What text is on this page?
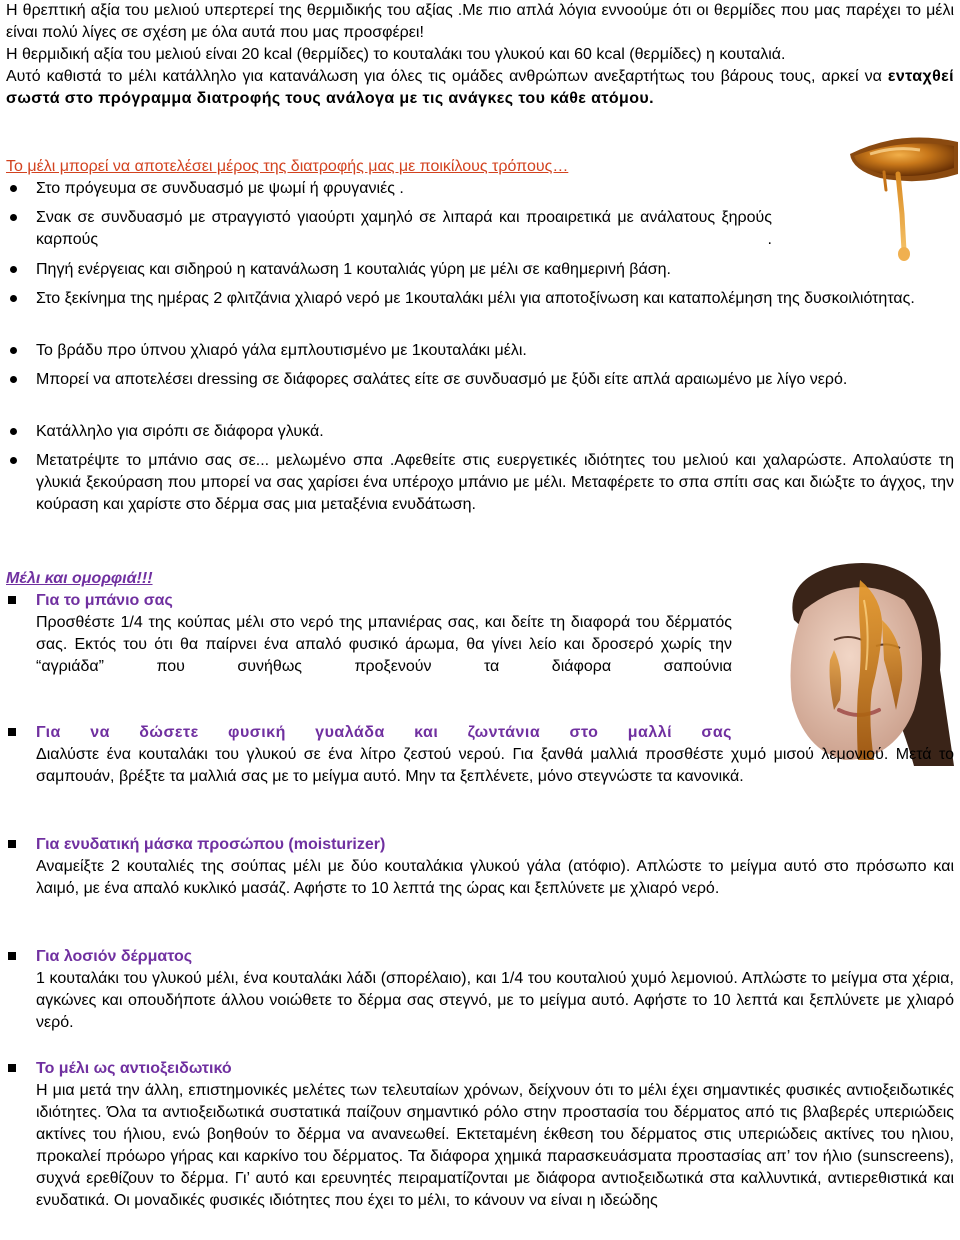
Η θρεπτική αξία του μελιού υπερτερεί της θερμιδικής του αξίας .Με πιο απλά λόγια εννοούμε ότι οι θερμίδες που μας παρέχει το μέλι είναι πολύ λίγες σε σχέση με όλα αυτά που μας προσφέρει!
Η θερμιδική αξία του μελιού είναι 20 kcal (θερμίδες) το κουταλάκι του γλυκού και 60 kcal (θερμίδες) η κουταλιά.
Αυτό καθιστά το μέλι κατάλληλο για κατανάλωση για όλες τις ομάδες ανθρώπων ανεξαρτήτως του βάρους τους, αρκεί να ενταχθεί σωστά στο πρόγραμμα διατροφής τους ανάλογα με τις ανάγκες του κάθε ατόμου.
Το μέλι μπορεί να αποτελέσει μέρος της διατροφής μας με ποικίλους τρόπους…
Στο πρόγευμα σε συνδυασμό με ψωμί ή φρυγανιές .
Σνακ σε συνδυασμό με στραγγιστό γιαούρτι χαμηλό σε λιπαρά και προαιρετικά με ανάλατους ξηρούς καρπούς .
Πηγή ενέργειας και σιδηρού η κατανάλωση 1 κουταλιάς γύρη με μέλι σε καθημερινή βάση.
Στο ξεκίνημα της ημέρας 2 φλιτζάνια χλιαρό νερό με 1κουταλάκι μέλι για αποτοξίνωση και καταπολέμηση της δυσκοιλιότητας.
Το βράδυ προ ύπνου χλιαρό γάλα εμπλουτισμένο με 1κουταλάκι μέλι.
Μπορεί να αποτελέσει dressing σε διάφορες σαλάτες είτε σε συνδυασμό με ξύδι είτε απλά αραιωμένο με λίγο νερό.
Κατάλληλο για σιρόπι σε διάφορα γλυκά.
Μετατρέψτε το μπάνιο σας σε... μελωμένο σπα .Αφεθείτε στις ευεργετικές ιδιότητες του μελιού και χαλαρώστε. Απολαύστε τη γλυκιά ξεκούραση που μπορεί να σας χαρίσει ένα υπέροχο μπάνιο με μέλι. Μεταφέρετε το σπα σπίτι σας και διώξτε το άγχος, την κούραση και χαρίστε στο δέρμα σας μια μεταξένια ενυδάτωση.
Μέλι και ομορφιά!!!
Για το μπάνιο σας
Προσθέστε 1/4 της κούπας μέλι στο νερό της μπανιέρας σας, και δείτε τη διαφορά του δέρματός σας. Εκτός του ότι θα παίρνει ένα απαλό φυσικό άρωμα, θα γίνει λείο και δροσερό χωρίς την “αγριάδα” που συνήθως προξενούν τα διάφορα σαπούνια
Για να δώσετε φυσική γυαλάδα και ζωντάνια στο μαλλί σας
Διαλύστε ένα κουταλάκι του γλυκού σε ένα λίτρο ζεστού νερού. Για ξανθά μαλλιά προσθέστε χυμό μισού λεμονιού. Μετά το σαμπουάν, βρέξτε τα μαλλιά σας με το μείγμα αυτό. Μην τα ξεπλένετε, μόνο στεγνώστε τα κανονικά.
Για ενυδατική μάσκα προσώπου (moisturizer)
Αναμείξτε 2 κουταλιές της σούπας μέλι με δύο κουταλάκια γλυκού γάλα (ατόφιο). Απλώστε το μείγμα αυτό στο πρόσωπο και λαιμό, με ένα απαλό κυκλικό μασάζ. Αφήστε το 10 λεπτά της ώρας και ξεπλύνετε με χλιαρό νερό.
Για λοσιόν δέρματος
1 κουταλάκι του γλυκού μέλι, ένα κουταλάκι λάδι (σπορέλαιο), και 1/4 του κουταλιού χυμό λεμονιού. Απλώστε το μείγμα στα χέρια, αγκώνες και οπουδήποτε άλλου νοιώθετε το δέρμα σας στεγνό, με το μείγμα αυτό. Αφήστε το 10 λεπτά και ξεπλύνετε με χλιαρό νερό.
Το μέλι ως αντιοξειδωτικό
Η μια μετά την άλλη, επιστημονικές μελέτες των τελευταίων χρόνων, δείχνουν ότι το μέλι έχει σημαντικές φυσικές αντιοξειδωτικές ιδιότητες. Όλα τα αντιοξειδωτικά συστατικά παίζουν σημαντικό ρόλο στην προστασία του δέρματος από τις βλαβερές υπεριώδεις ακτίνες του ήλιου, ενώ βοηθούν το δέρμα να ανανεωθεί. Εκτεταμένη έκθεση του δέρματος στις υπεριώδεις ακτίνες του ηλιου, προκαλεί πρόωρο γήρας και καρκίνο του δέρματος. Τα διάφορα χημικά παρασκευάσματα προστασίας απ’ τον ήλιο (sunscreens), συχνά ερεθίζουν το δέρμα. Γι’ αυτό και ερευνητές πειραματίζονται με διάφορα αντιοξειδωτικά στα καλλυντικά, αντιερεθιστικά και ενυδατικά. Οι μοναδικές φυσικές ιδιότητες που έχει το μέλι, το κάνουν να είναι η ιδεώδης
